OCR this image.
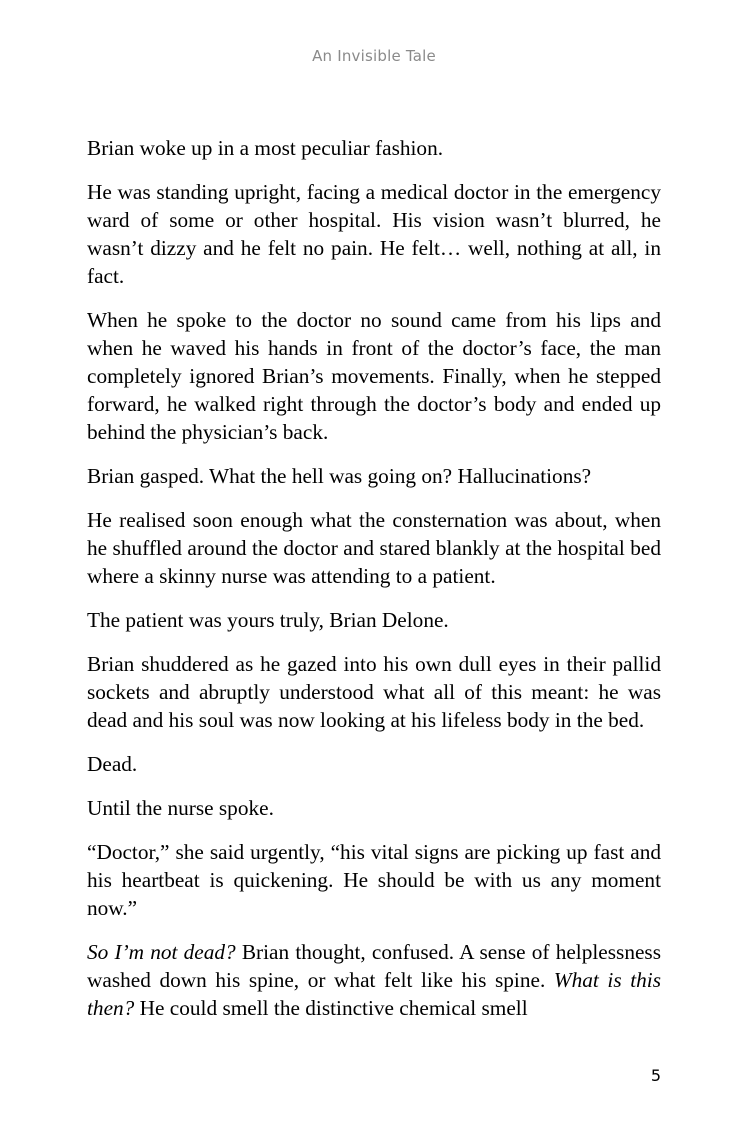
An Invisible Tale

Brian woke up in a most peculiar fashion.

He was standing upright, facing a medical doctor in the emergency ward of some or other hospital. His vision wasn’t blurred, he wasn’t dizzy and he felt no pain. He felt… well, nothing at all, in fact.

When he spoke to the doctor no sound came from his lips and when he waved his hands in front of the doctor’s face, the man completely ignored Brian’s movements. Finally, when he stepped forward, he walked right through the doctor’s body and ended up behind the physician’s back.

Brian gasped. What the hell was going on? Hallucinations?

He realised soon enough what the consternation was about, when he shuffled around the doctor and stared blankly at the hospital bed where a skinny nurse was attending to a patient.

The patient was yours truly, Brian Delone.

Brian shuddered as he gazed into his own dull eyes in their pallid sockets and abruptly understood what all of this meant: he was dead and his soul was now looking at his lifeless body in the bed.

Dead.

Until the nurse spoke.

“Doctor,” she said urgently, “his vital signs are picking up fast and his heartbeat is quickening. He should be with us any moment now.”

So I’m not dead? Brian thought, confused. A sense of helplessness washed down his spine, or what felt like his spine. What is this then? He could smell the distinctive chemical smell

5
